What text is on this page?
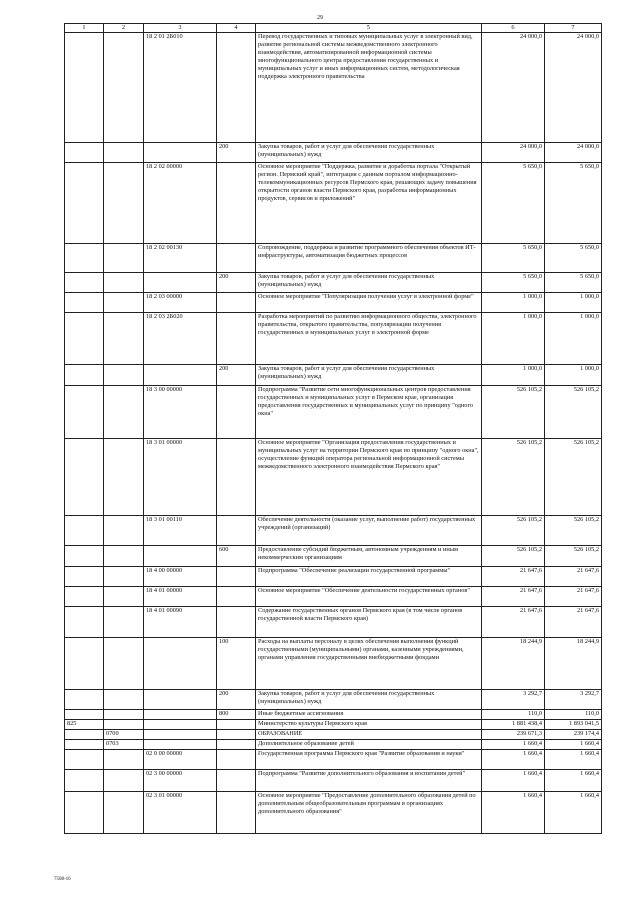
29
1	2	3	4	5	6	7
		18 2 01 2Б010		Перевод государственных и типовых муниципальных услуг в электронный вид, развитие региональной системы межведомственного электронного взаимодействия, автоматизированной информационной системы многофункционального центра предоставления государственных и муниципальных услуг и иных информационных систем, методологическая поддержка электронного правительства	24 000,0	24 000,0
			200	Закупка товаров, работ и услуг для обеспечения государственных (муниципальных) нужд	24 000,0	24 000,0
		18 2 02 00000		Основное мероприятие "Поддержка, развитие и доработка портала "Открытый регион. Пермский край", интеграция с данным порталом информационно-телекоммуникационных ресурсов Пермского края, решающих задачу повышения открытости органов власти Пермского края, разработка информационных продуктов, сервисов и приложений"	5 650,0	5 650,0
		18 2 02 00130		Сопровождение, поддержка и развитие программного обеспечения объектов ИТ-инфраструктуры, автоматизация бюджетных процессов	5 650,0	5 650,0
			200	Закупка товаров, работ и услуг для обеспечения государственных (муниципальных) нужд	5 650,0	5 650,0
		18 2 03 00000		Основное мероприятие "Популяризация получения услуг в электронной форме"	1 000,0	1 000,0
		18 2 03 2Б020		Разработка мероприятий по развитию информационного общества, электронного правительства, открытого правительства, популяризации получения государственных и муниципальных услуг в электронной форме	1 000,0	1 000,0
			200	Закупка товаров, работ и услуг для обеспечения государственных (муниципальных) нужд	1 000,0	1 000,0
		18 3 00 00000		Подпрограмма "Развитие сети многофункциональных центров предоставления государственных и муниципальных услуг в Пермском крае, организация предоставления государственных и муниципальных услуг по принципу "одного окна"	526 105,2	526 105,2
		18 3 01 00000		Основное мероприятие "Организация предоставления государственных и муниципальных услуг на территории Пермского края по принципу "одного окна", осуществление функций оператора региональной информационной системы межведомственного электронного взаимодействия Пермского края"	526 105,2	526 105,2
		18 3 01 00110		Обеспечение деятельности (оказание услуг, выполнение работ) государственных учреждений (организаций)	526 105,2	526 105,2
			600	Предоставление субсидий бюджетным, автономным учреждениям и иным некоммерческим организациям	526 105,2	526 105,2
		18 4 00 00000		Подпрограмма "Обеспечение реализации государственной программы"	21 647,6	21 647,6
		18 4 01 00000		Основное мероприятие "Обеспечение деятельности государственных органов"	21 647,6	21 647,6
		18 4 01 00090		Содержание государственных органов Пермского края (в том числе органов государственной власти Пермского края)	21 647,6	21 647,6
			100	Расходы на выплаты персоналу в целях обеспечения выполнения функций государственными (муниципальными) органами, казенными учреждениями, органами управления государственными внебюджетными фондами	18 244,9	18 244,9
			200	Закупка товаров, работ и услуг для обеспечения государственных (муниципальных) нужд	3 292,7	3 292,7
			800	Иные бюджетные ассигнования	110,0	110,0
825				Министерство культуры Пермского края	1 881 438,4	1 893 041,5
	0700			ОБРАЗОВАНИЕ	239 671,3	239 174,4
	0703			Дополнительное образование детей	1 660,4	1 660,4
		02 0 00 00000		Государственная программа Пермского края "Развитие образования и науки"	1 660,4	1 660,4
		02 3 00 00000		Подпрограмма "Развитие дополнительного образования и воспитания детей"	1 660,4	1 660,4
		02 3 01 00000		Основное мероприятие "Предоставление дополнительного образования детей по дополнительным общеобразовательным программам в организациях дополнительного образования"	1 660,4	1 660,4
7508-16
